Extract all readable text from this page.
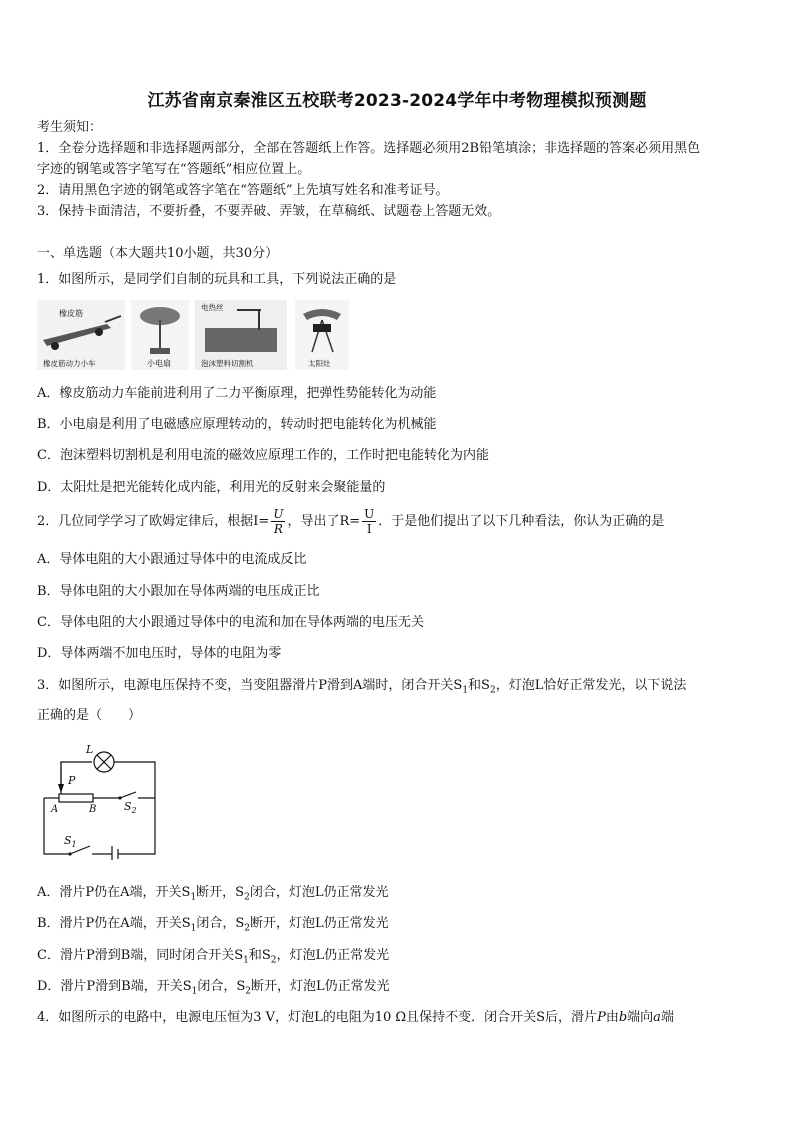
江苏省南京秦淮区五校联考2023-2024学年中考物理模拟预测题
考生须知：
1．全卷分选择题和非选择题两部分，全部在答题纸上作答。选择题必须用2B铅笔填涂；非选择题的答案必须用黑色
字迹的钢笔或答字笔写在“答题纸”相应位置上。
2．请用黑色字迹的钢笔或答字笔在“答题纸”上先填写姓名和准考证号。
3．保持卡面清洁，不要折叠，不要弄破、弄皱，在草稿纸、试题卷上答题无效。
一、单选题（本大题共10小题，共30分）
1．如图所示，是同学们自制的玩具和工具，下列说法正确的是
橡皮筋
橡皮筋动力小车	小电扇
电热丝
泡沫塑料切割机	太阳灶
A．橡皮筋动力车能前进利用了二力平衡原理，把弹性势能转化为动能
B．小电扇是利用了电磁感应原理转动的，转动时把电能转化为机械能
C．泡沫塑料切割机是利用电流的磁效应原理工作的，工作时把电能转化为内能
D．太阳灶是把光能转化成内能，利用光的反射来会聚能量的
2．几位同学学习了欧姆定律后，根据$I= \frac{U}{R}$ ，导出了$R= \frac{U}{I}$ ．于是他们提出了以下几种看法，你认为正确的是
A．导体电阻的大小跟通过导体中的电流成反比
B．导体电阻的大小跟加在导体两端的电压成正比
C．导体电阻的大小跟通过导体中的电流和加在导体两端的电压无关
D．导体两端不加电压时，导体的电阻为零
3．如图所示，电源电压保持不变，当变阻器滑片P滑到A端时，闭合开关$S_1$和$S_2$，灯泡L恰好正常发光，以下说法
正确的是（　　）
L
P
A	B	$S_2$
$S_1$
A．滑片P仍在A端，开关$S_1$断开，$S_2$闭合，灯泡L仍正常发光
B．滑片P仍在A端，开关$S_1$闭合，$S_2$断开，灯泡L仍正常发光
C．滑片P滑到B端，同时闭合开关$S_1$和$S_2$，灯泡L仍正常发光
D．滑片P滑到B端，开关$S_1$闭合，$S_2$断开，灯泡L仍正常发光
4．如图所示的电路中，电源电压恒为3 V，灯泡L的电阻为10 Ω且保持不变．闭合开关S后，滑片P由b端向a端
